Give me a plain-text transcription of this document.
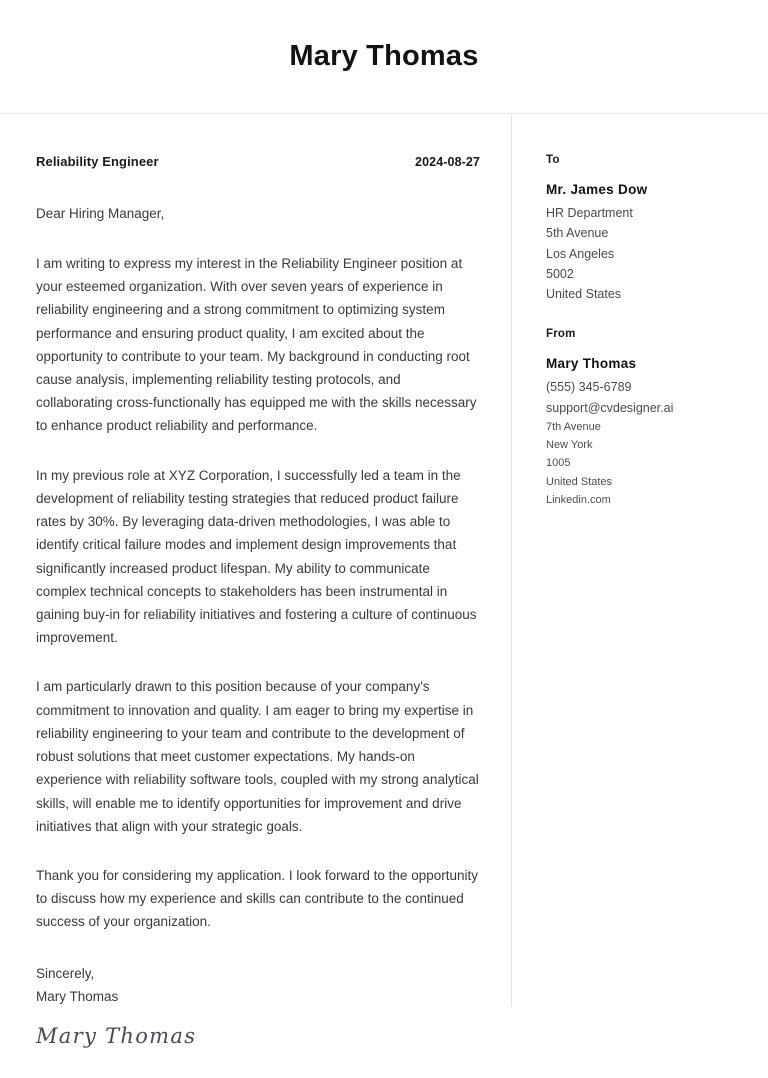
Mary Thomas
Reliability Engineer	2024-08-27
Dear Hiring Manager,

I am writing to express my interest in the Reliability Engineer position at your esteemed organization. With over seven years of experience in reliability engineering and a strong commitment to optimizing system performance and ensuring product quality, I am excited about the opportunity to contribute to your team. My background in conducting root cause analysis, implementing reliability testing protocols, and collaborating cross-functionally has equipped me with the skills necessary to enhance product reliability and performance.

In my previous role at XYZ Corporation, I successfully led a team in the development of reliability testing strategies that reduced product failure rates by 30%. By leveraging data-driven methodologies, I was able to identify critical failure modes and implement design improvements that significantly increased product lifespan. My ability to communicate complex technical concepts to stakeholders has been instrumental in gaining buy-in for reliability initiatives and fostering a culture of continuous improvement.

I am particularly drawn to this position because of your company's commitment to innovation and quality. I am eager to bring my expertise in reliability engineering to your team and contribute to the development of robust solutions that meet customer expectations. My hands-on experience with reliability software tools, coupled with my strong analytical skills, will enable me to identify opportunities for improvement and drive initiatives that align with your strategic goals.

Thank you for considering my application. I look forward to the opportunity to discuss how my experience and skills can contribute to the continued success of your organization.

Sincerely,
Mary Thomas
Mary Thomas
To
Mr. James Dow
HR Department
5th Avenue
Los Angeles
5002
United States
From
Mary Thomas
(555) 345-6789
support@cvdesigner.ai
7th Avenue
New York
1005
United States
Linkedin.com
